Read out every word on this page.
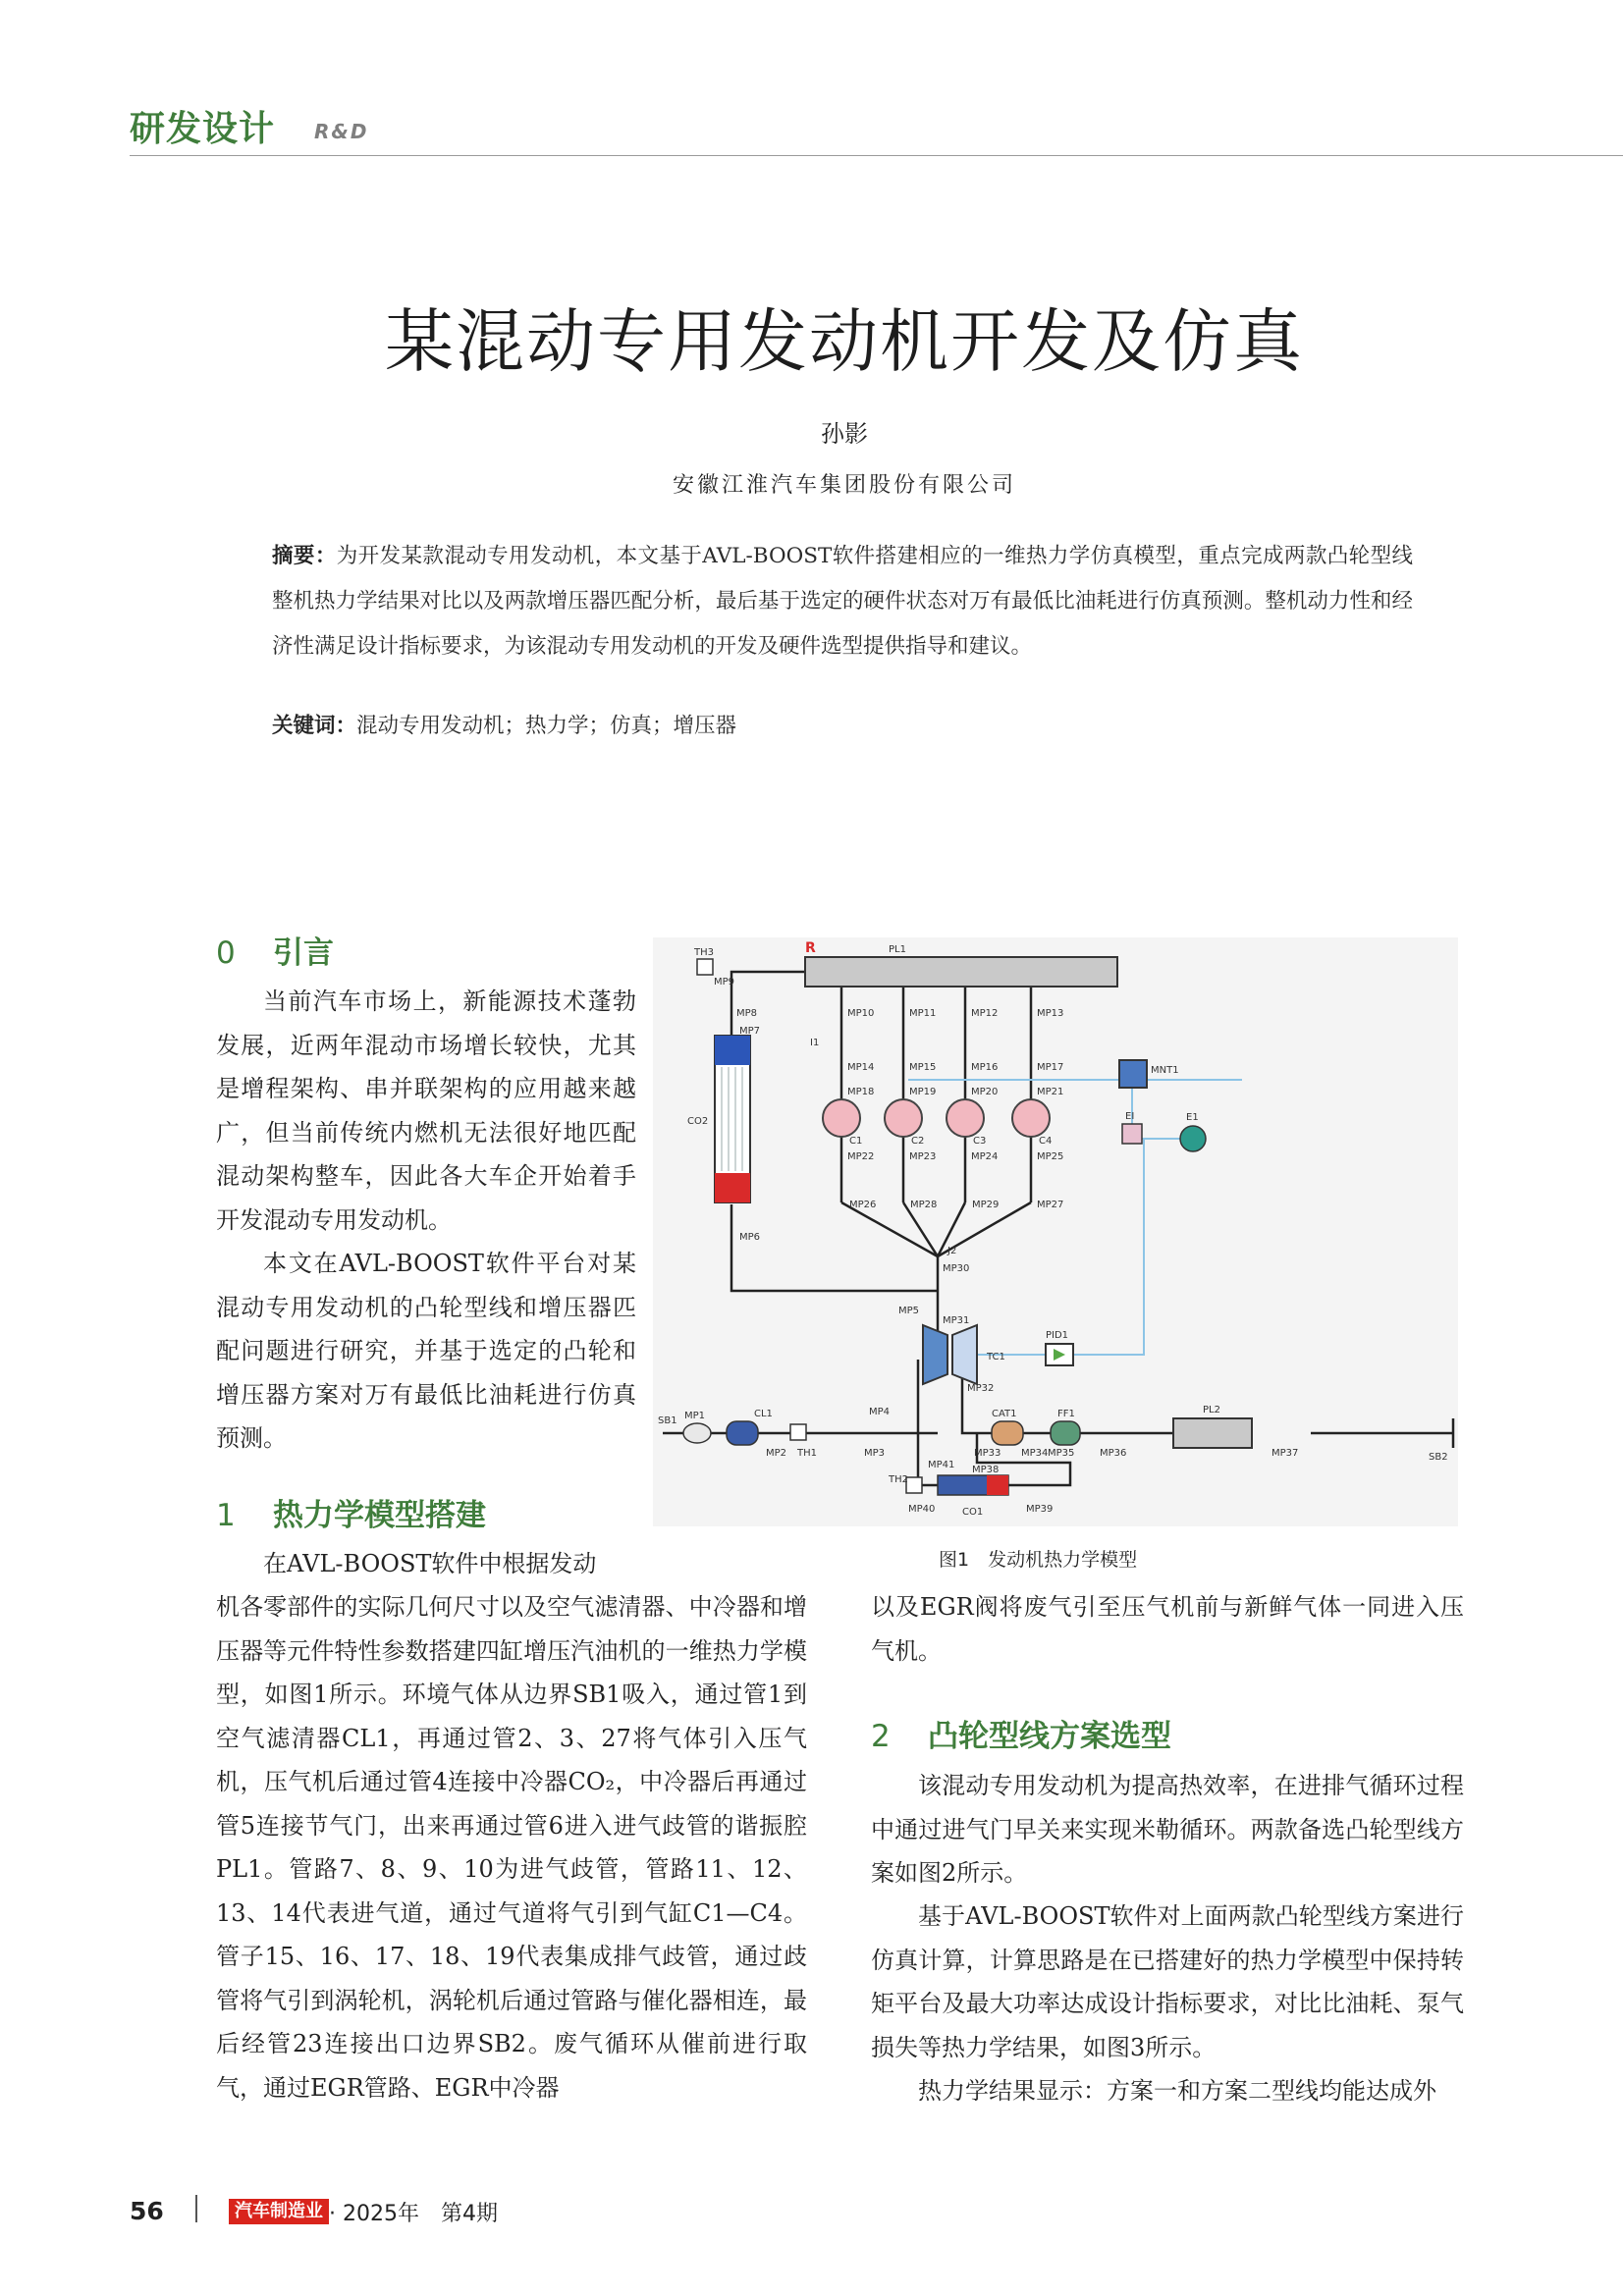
研发设计 R&D
某混动专用发动机开发及仿真
孙影
安徽江淮汽车集团股份有限公司
摘要：为开发某款混动专用发动机，本文基于AVL-BOOST软件搭建相应的一维热力学仿真模型，重点完成两款凸轮型线整机热力学结果对比以及两款增压器匹配分析，最后基于选定的硬件状态对万有最低比油耗进行仿真预测。整机动力性和经济性满足设计指标要求，为该混动专用发动机的开发及硬件选型提供指导和建议。
关键词：混动专用发动机；热力学；仿真；增压器
0 引言
当前汽车市场上，新能源技术蓬勃发展，近两年混动市场增长较快，尤其是增程架构、串并联架构的应用越来越广，但当前传统内燃机无法很好地匹配混动架构整车，因此各大车企开始着手开发混动专用发动机。
本文在AVL-BOOST软件平台对某混动专用发动机的凸轮型线和增压器匹配问题进行研究，并基于选定的凸轮和增压器方案对万有最低比油耗进行仿真预测。
1 热力学模型搭建
在AVL-BOOST软件中根据发动
机各零部件的实际几何尺寸以及空气滤清器、中冷器和增压器等元件特性参数搭建四缸增压汽油机的一维热力学模型，如图1所示。环境气体从边界SB1吸入，通过管1到空气滤清器CL1，再通过管2、3、27将气体引入压气机，压气机后通过管4连接中冷器CO₂，中冷器后再通过管5连接节气门，出来再通过管6进入进气歧管的谐振腔PL1。管路7、8、9、10为进气歧管，管路11、12、13、14代表进气道，通过气道将气引到气缸C1—C4。管子15、16、17、18、19代表集成排气歧管，通过歧管将气引到涡轮机，涡轮机后通过管路与催化器相连，最后经管23连接出口边界SB2。废气循环从催前进行取气，通过EGR管路、EGR中冷器
以及EGR阀将废气引至压气机前与新鲜气体一同进入压气机。
2 凸轮型线方案选型
该混动专用发动机为提高热效率，在进排气循环过程中通过进气门早关来实现米勒循环。两款备选凸轮型线方案如图2所示。
基于AVL-BOOST软件对上面两款凸轮型线方案进行仿真计算，计算思路是在已搭建好的热力学模型中保持转矩平台及最大功率达成设计指标要求，对比比油耗、泵气损失等热力学结果，如图3所示。
热力学结果显示：方案一和方案二型线均能达成外
TH3	R	PL1
MP9
MP8
MP7
CO2
MP6
I1
MP10	MP11	MP12	MP13
MP14	MP15	MP16	MP17
MP18	MP19	MP20	MP21
C1	C2	C3	C4
MP22	MP23	MP24	MP25
MP26	MP28	MP29	MP27
J2
MP30
MP5
MP31
TC1
PID1
MNT1
E1
EI
MP32
SB1 MP1	CL1
MP2 TH1	MP3
MP4	CAT1
MP33 MP34 MP35
FF1
MP36
PL2
MP37	SB2
MP38
TH2
MP41
MP40	CO1	MP39
图1　发动机热力学模型
56	汽车制造业 · 2025年　第4期
